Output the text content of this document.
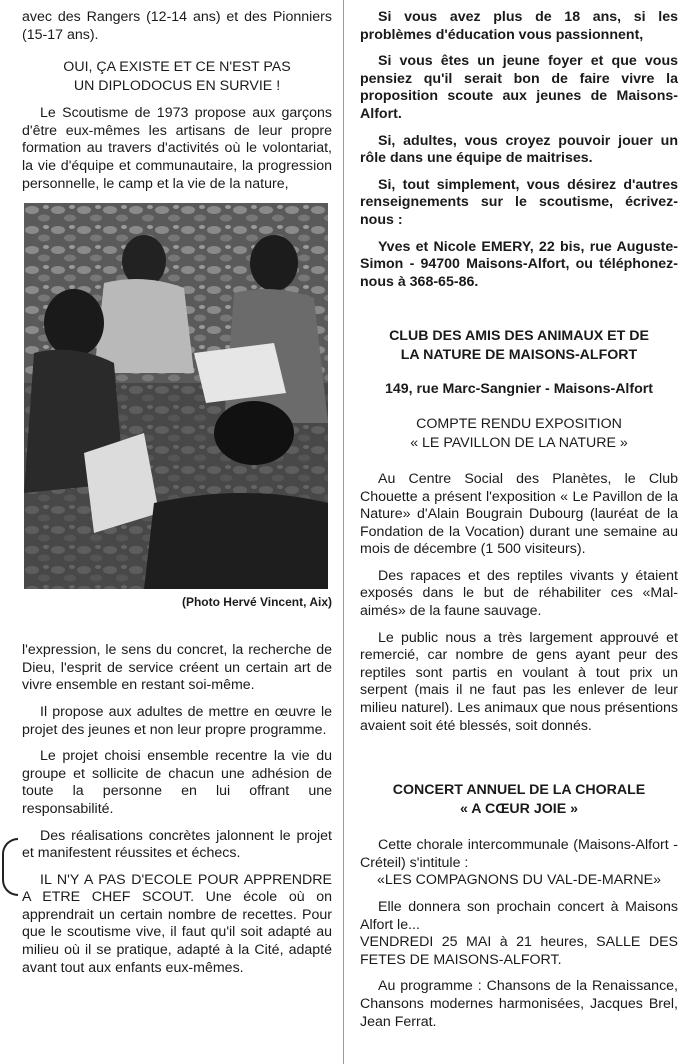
avec des Rangers (12-14 ans) et des Pionniers (15-17 ans).

OUI, ÇA EXISTE ET CE N'EST PAS

UN DIPLODOCUS EN SURVIE !

Le Scoutisme de 1973 propose aux garçons d'être eux-mêmes les artisans de leur propre formation au travers d'activités où le volontariat, la vie d'équipe et communautaire, la progression personnelle, le camp et la vie de la nature,

(Photo Hervé Vincent, Aix)

l'expression, le sens du concret, la recherche de Dieu, l'esprit de service créent un certain art de vivre ensemble en restant soi-même.

Il propose aux adultes de mettre en œuvre le projet des jeunes et non leur propre programme.

Le projet choisi ensemble recentre la vie du groupe et sollicite de chacun une adhésion de toute la personne en lui offrant une responsabilité.

Des réalisations concrètes jalonnent le projet et manifestent réussites et échecs.

IL N'Y A PAS D'ECOLE POUR APPRENDRE A ETRE CHEF SCOUT. Une école où on apprendrait un certain nombre de recettes. Pour que le scoutisme vive, il faut qu'il soit adapté au milieu où il se pratique, adapté à la Cité, adapté avant tout aux enfants eux-mêmes.

Si vous avez plus de 18 ans, si les problèmes d'éducation vous passionnent,

Si vous êtes un jeune foyer et que vous pensiez qu'il serait bon de faire vivre la proposition scoute aux jeunes de Maisons-Alfort.

Si, adultes, vous croyez pouvoir jouer un rôle dans une équipe de maitrises.

Si, tout simplement, vous désirez d'autres renseignements sur le scoutisme, écrivez-nous :

Yves et Nicole EMERY, 22 bis, rue Auguste-Simon - 94700 Maisons-Alfort, ou téléphonez-nous à 368-65-86.

CLUB DES AMIS DES ANIMAUX ET DE

LA NATURE DE MAISONS-ALFORT

149, rue Marc-Sangnier - Maisons-Alfort

COMPTE RENDU EXPOSITION

« LE PAVILLON DE LA NATURE »

Au Centre Social des Planètes, le Club Chouette a présent l'exposition « Le Pavillon de la Nature» d'Alain Bougrain Dubourg (lauréat de la Fondation de la Vocation) durant une semaine au mois de décembre (1 500 visiteurs).

Des rapaces et des reptiles vivants y étaient exposés dans le but de réhabiliter ces «Mal-aimés» de la faune sauvage.

Le public nous a très largement approuvé et remercié, car nombre de gens ayant peur des reptiles sont partis en voulant à tout prix un serpent (mais il ne faut pas les enlever de leur milieu naturel). Les animaux que nous présentions avaient soit été blessés, soit donnés.

CONCERT ANNUEL DE LA CHORALE

« A CŒUR JOIE »

Cette chorale intercommunale (Maisons-Alfort - Créteil) s'intitule :

«LES COMPAGNONS DU VAL-DE-MARNE»

Elle donnera son prochain concert à Maisons Alfort le...

VENDREDI 25 MAI à 21 heures, SALLE DES FETES DE MAISONS-ALFORT.

Au programme : Chansons de la Renaissance, Chansons modernes harmonisées, Jacques Brel, Jean Ferrat.
